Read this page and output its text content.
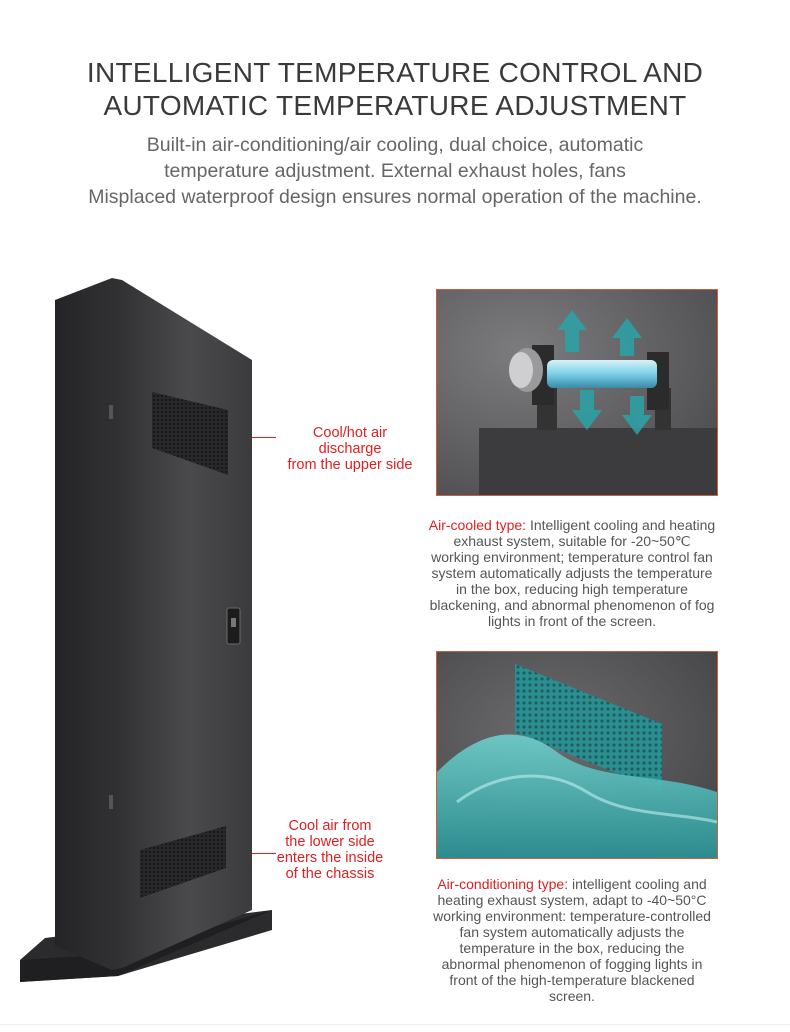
INTELLIGENT TEMPERATURE CONTROL AND
AUTOMATIC TEMPERATURE ADJUSTMENT
Built-in air-conditioning/air cooling, dual choice, automatic
temperature adjustment. External exhaust holes, fans
Misplaced waterproof design ensures normal operation of the machine.
Cool/hot air
discharge
from the upper side
Cool air from
the lower side
enters the inside
of the chassis
Air-cooled type: Intelligent cooling and heating
exhaust system, suitable for -20~50℃
working environment; temperature control fan
system automatically adjusts the temperature
in the box, reducing high temperature
blackening, and abnormal phenomenon of fog
lights in front of the screen.
Air-conditioning type: intelligent cooling and
heating exhaust system, adapt to -40~50°C
working environment: temperature-controlled
fan system automatically adjusts the
temperature in the box, reducing the
abnormal phenomenon of fogging lights in
front of the high-temperature blackened
screen.
